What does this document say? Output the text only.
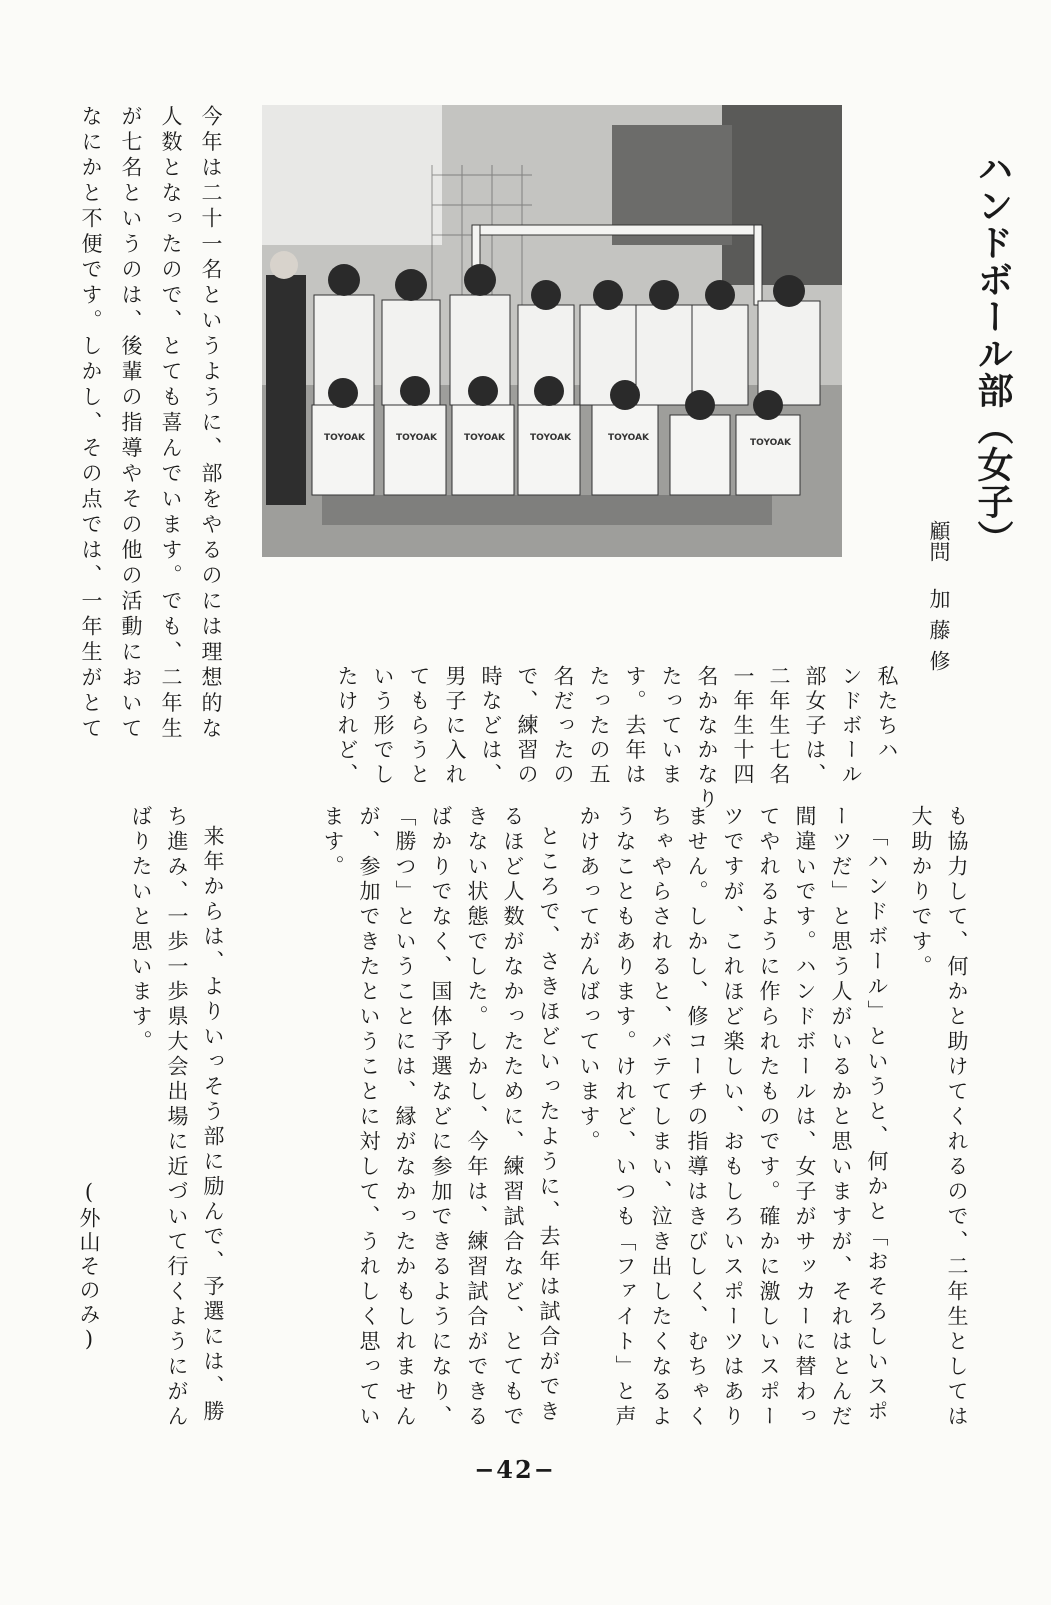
ハンドボール部（女子）
顧問
加藤修
TOYOAK	TOYOAK	TOYOAK	TOYOAK	TOYOAK	TOYOAK

私たちハ

ンドボール

部女子は、

二年生七名

一年生十四

名かなかなり

たっていま

す。去年は

たったの五

名だったの

で、練習の

時などは、

男子に入れ

てもらうと

いう形でし

たけれど、

今年は二十一名というように、部をやるのには理想的な

人数となったので、とても喜んでいます。でも、二年生

が七名というのは、後輩の指導やその他の活動において

なにかと不便です。しかし、その点では、一年生がとて

も協力して、何かと助けてくれるので、二年生としては

大助かりです。

「ハンドボール」というと、何かと「おそろしいスポ

ーツだ」と思う人がいるかと思いますが、それはとんだ

間違いです。ハンドボールは、女子がサッカーに替わっ

てやれるように作られたものです。確かに激しいスポー

ツですが、これほど楽しい、おもしろいスポーツはあり

ません。しかし、修コーチの指導はきびしく、むちゃく

ちゃやらされると、バテてしまい、泣き出したくなるよ

うなこともあります。けれど、いつも「ファイト」と声

かけあってがんばっています。

ところで、さきほどいったように、去年は試合ができ

るほど人数がなかったために、練習試合など、とてもで

きない状態でした。しかし、今年は、練習試合ができる

ばかりでなく、国体予選などに参加できるようになり、

「勝つ」ということには、縁がなかったかもしれません

が、参加できたということに対して、うれしく思ってい

ます。

来年からは、よりいっそう部に励んで、予選には、勝

ち進み、一歩一歩県大会出場に近づいて行くようにがん

ばりたいと思います。

(外山そのみ)
−42−
